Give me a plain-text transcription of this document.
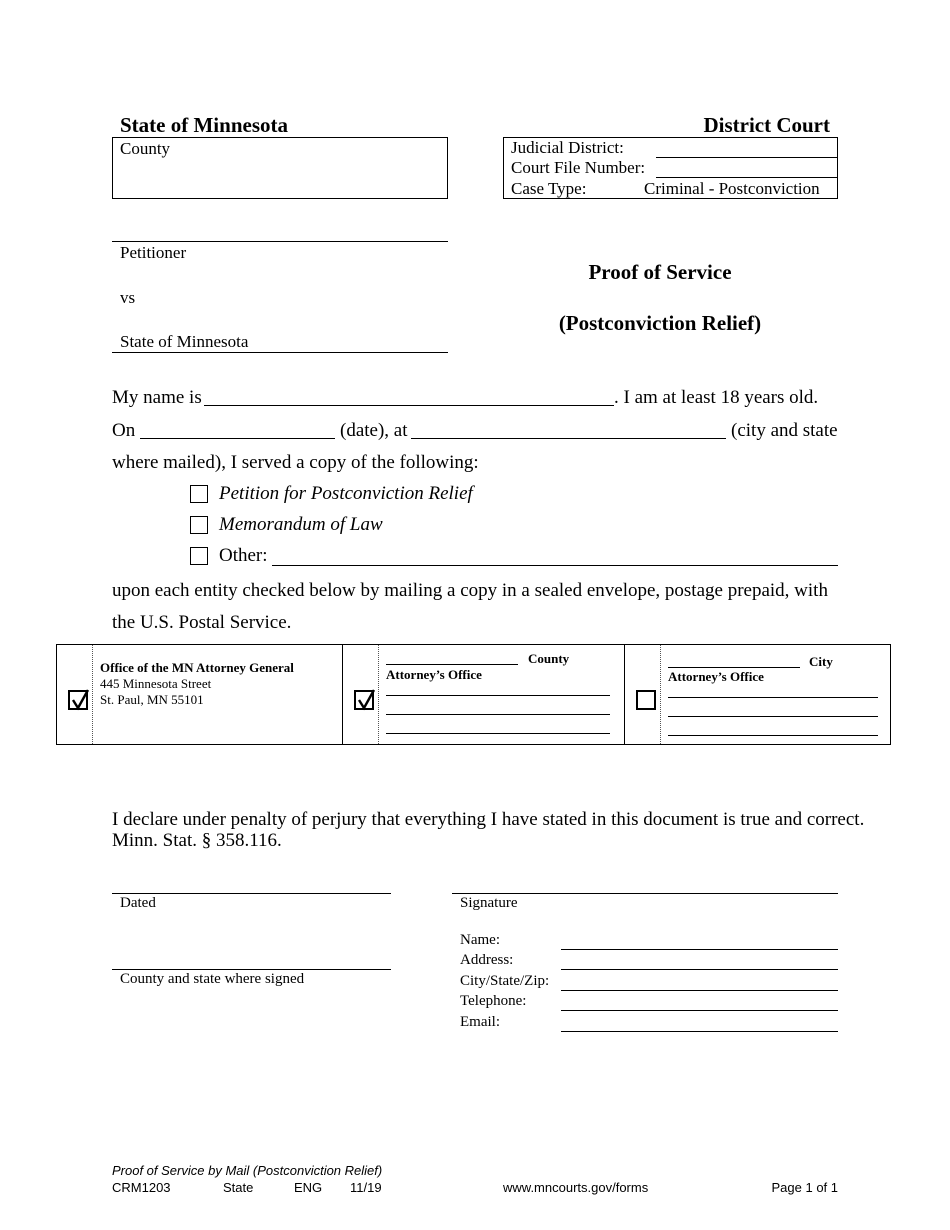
State of Minnesota	District Court
County	Judicial District:
Court File Number:
Case Type:	Criminal - Postconviction
Petitioner
vs
State of Minnesota
Proof of Service
(Postconviction Relief)
My name is	. I am at least 18 years old.
On	(date), at	(city and state
where mailed), I served a copy of the following:
Petition for Postconviction Relief
Memorandum of Law
Other:
upon each entity checked below by mailing a copy in a sealed envelope, postage prepaid, with
the U.S. Postal Service.
Office of the MN Attorney General
445 Minnesota Street
St. Paul, MN 55101
County
Attorney’s Office
City
Attorney’s Office
I declare under penalty of perjury that everything I have stated in this document is true and correct.
Minn. Stat. § 358.116.
Dated
County and state where signed
Signature
Name:
Address:
City/State/Zip:
Telephone:
Email:
Proof of Service by Mail (Postconviction Relief)
CRM1203	State	ENG 11/19	www.mncourts.gov/forms	Page 1 of 1
